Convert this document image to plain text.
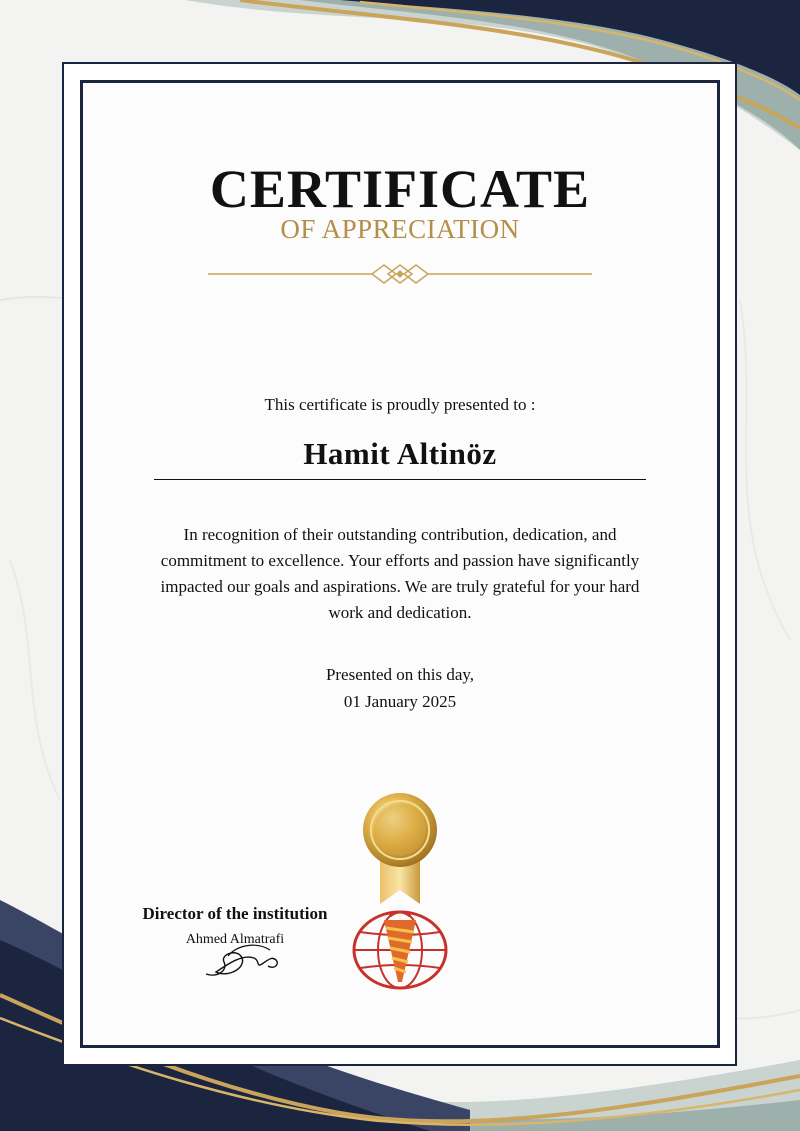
CERTIFICATE
OF APPRECIATION
This certificate is proudly presented to :
Hamit Altinöz
In recognition of their outstanding contribution, dedication, and commitment to excellence. Your efforts and passion have significantly impacted our goals and aspirations. We are truly grateful for your hard work and dedication.
Presented on this day,
01 January 2025
Director of the institution
Ahmed Almatrafi
